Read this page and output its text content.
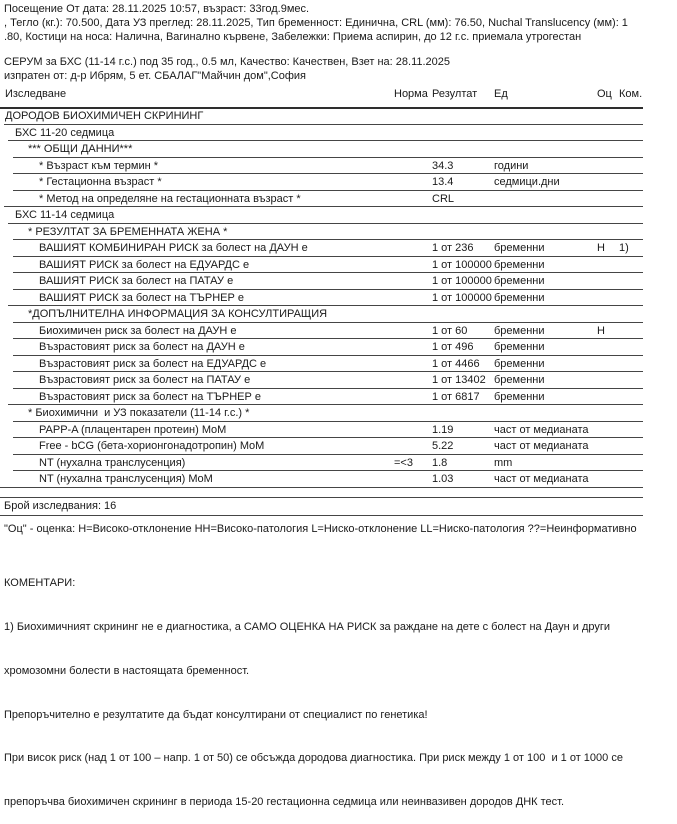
Посещение От дата: 28.11.2025 10:57, възраст: 33год.9мес.
, Тегло (кг.): 70.500, Дата УЗ преглед: 28.11.2025, Тип бременност: Единична, CRL (мм): 76.50, Nuchal Translucency (мм): 1
.80, Костици на носа: Налична, Вагинално кървене, Забележки: Приема аспирин, до 12 г.с. приемала утрогестан
СЕРУМ за БХС (11-14 г.с.) под 35 год., 0.5 мл, Качество: Качествен, Взет на: 28.11.2025
изпратен от: д-р Ибрям, 5 ет. СБАЛАГ"Майчин дом",София
Изследване	Норма Резултат Ед	Оц Ком.
ДОРОДОВ БИОХИМИЧЕН СКРИНИНГ
БХС 11-20 седмица
*** ОБЩИ ДАННИ***
* Възраст към термин *	34.3	години
* Гестационна възраст *	13.4	седмици.дни
* Метод на определяне на гестационната възраст *	CRL
БХС 11-14 седмица
* РЕЗУЛТАТ ЗА БРЕМЕННАТА ЖЕНА *
ВАШИЯТ КОМБИНИРАН РИСК за болест на ДАУН е	1 от 236 бременни	Н 1)
ВАШИЯТ РИСК за болест на ЕДУАРДС е	1 от 100000 бременни
ВАШИЯТ РИСК за болест на ПАТАУ е	1 от 100000 бременни
ВАШИЯТ РИСК за болест на ТЪРНЕР е	1 от 100000 бременни
*ДОПЪЛНИТЕЛНА ИНФОРМАЦИЯ ЗА КОНСУЛТИРАЩИЯ
Биохимичен риск за болест на ДАУН е	1 от 60 бременни	Н
Възрастовият риск за болест на ДАУН е	1 от 496 бременни
Възрастовият риск за болест на ЕДУАРДС е	1 от 4466 бременни
Възрастовият риск за болест на ПАТАУ е	1 от 13402 бременни
Възрастовият риск за болест на ТЪРНЕР е	1 от 6817 бременни
* Биохимични  и УЗ показатели (11-14 г.с.) *
PAPP-A (плацентарен протеин) MoM	1.19	част от медианата
Free - bCG (бета-хорионгонадотропин) MoM	5.22	част от медианата
NT (нухална транслусенция)	=<3 1.8	mm
NT (нухална транслусенция) MoM	1.03	част от медианата
Брой изследвания: 16
"Оц" - оценка: H=Високо-отклонение HH=Високо-патология L=Ниско-отклонение LL=Ниско-патология ??=Неинформативно

КОМЕНТАРИ:

1) Биохимичният скрининг не е диагностика, а САМО ОЦЕНКА НА РИСК за раждане на дете с болест на Даун и други

хромозомни болести в настоящата бременност.

Препоръчително е резултатите да бъдат консултирани от специалист по генетика!

При висок риск (над 1 от 100 – напр. 1 от 50) се обсъжда дородова диагностика. При риск между 1 от 100  и 1 от 1000 се

препоръчва биохимичен скрининг в периода 15-20 гестационна седмица или неинвазивен дородов ДНК тест.
